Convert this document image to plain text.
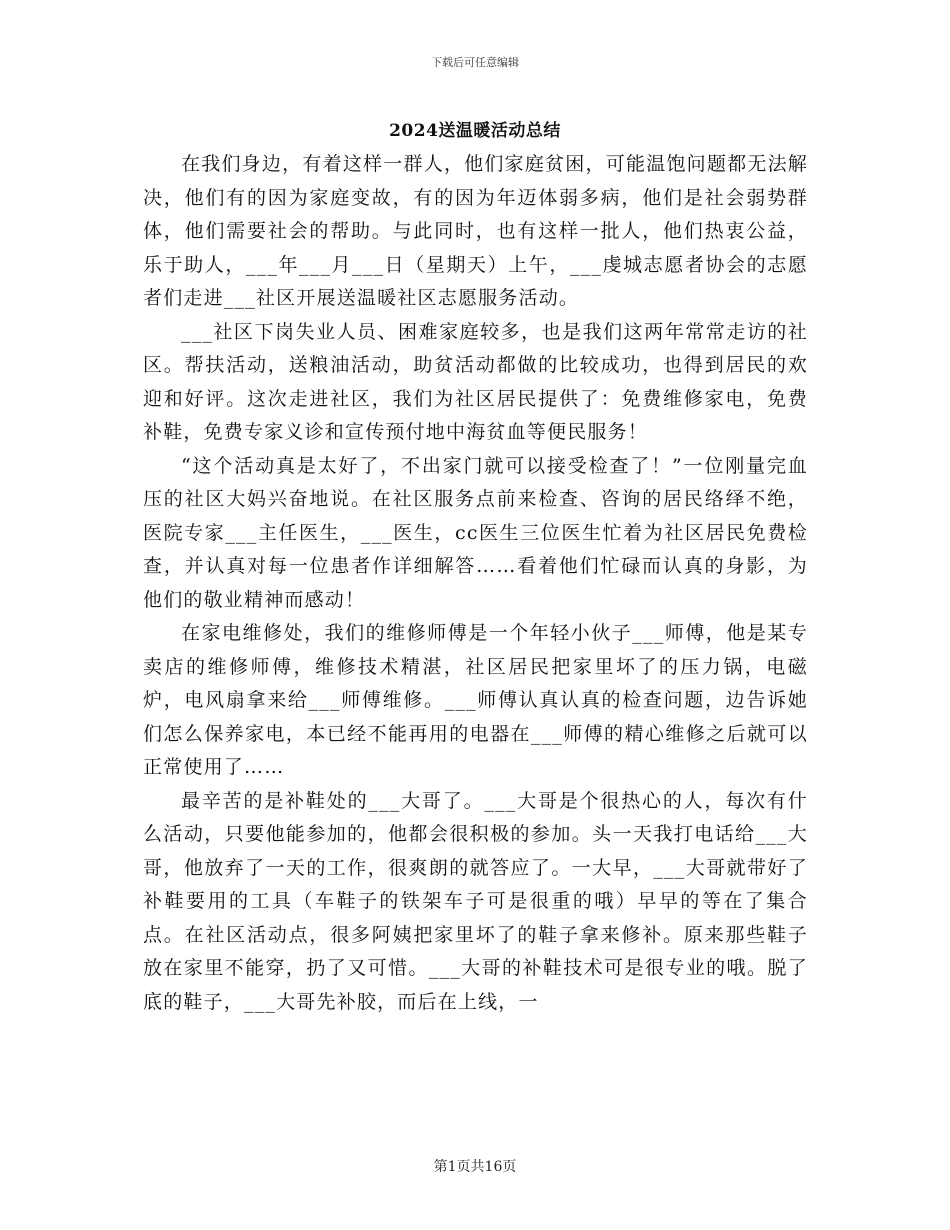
下载后可任意编辑
2024送温暖活动总结

在我们身边，有着这样一群人，他们家庭贫困，可能温饱问题都无法解决，他们有的因为家庭变故，有的因为年迈体弱多病，他们是社会弱势群体，他们需要社会的帮助。与此同时，也有这样一批人，他们热衷公益，乐于助人，___年___月___日（星期天）上午，___虔城志愿者协会的志愿者们走进___社区开展送温暖社区志愿服务活动。

___社区下岗失业人员、困难家庭较多，也是我们这两年常常走访的社区。帮扶活动，送粮油活动，助贫活动都做的比较成功，也得到居民的欢迎和好评。这次走进社区，我们为社区居民提供了：免费维修家电，免费补鞋，免费专家义诊和宣传预付地中海贫血等便民服务！

“这个活动真是太好了，不出家门就可以接受检查了！”一位刚量完血压的社区大妈兴奋地说。在社区服务点前来检查、咨询的居民络绎不绝，医院专家___主任医生，___医生，cc医生三位医生忙着为社区居民免费检查，并认真对每一位患者作详细解答……看着他们忙碌而认真的身影，为他们的敬业精神而感动！

在家电维修处，我们的维修师傅是一个年轻小伙子___师傅，他是某专卖店的维修师傅，维修技术精湛，社区居民把家里坏了的压力锅，电磁炉，电风扇拿来给___师傅维修。___师傅认真认真的检查问题，边告诉她们怎么保养家电，本已经不能再用的电器在___师傅的精心维修之后就可以正常使用了……

最辛苦的是补鞋处的___大哥了。___大哥是个很热心的人，每次有什么活动，只要他能参加的，他都会很积极的参加。头一天我打电话给___大哥，他放弃了一天的工作，很爽朗的就答应了。一大早，___大哥就带好了补鞋要用的工具（车鞋子的铁架车子可是很重的哦）早早的等在了集合点。在社区活动点，很多阿姨把家里坏了的鞋子拿来修补。原来那些鞋子放在家里不能穿，扔了又可惜。___大哥的补鞋技术可是很专业的哦。脱了底的鞋子，___大哥先补胶，而后在上线，一

第1页共16页
